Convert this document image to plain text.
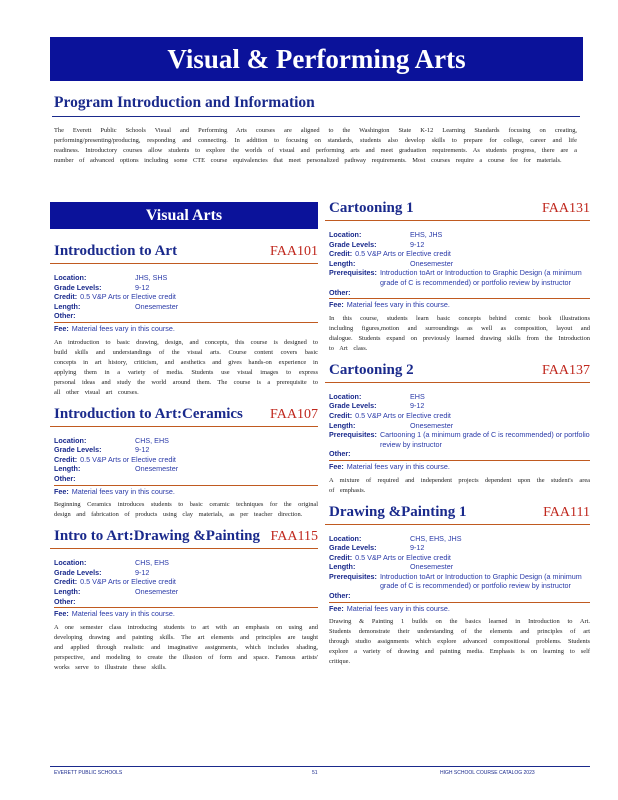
Visual & Performing Arts
Program Introduction and Information
The Everett Public Schools Visual and Performing Arts courses are aligned to the Washington State K-12 Learning Standards focusing on creating, performing/presenting/producing, responding and connecting. In addition to focusing on standards, students also develop skills to prepare for college, career and life readiness. Introductory courses allow students to explore the worlds of visual and performing arts and meet graduation requirements. As students progress, there are a number of advanced options including some CTE course equivalencies that meet personalized pathway requirements. Most courses require a course fee for materials.
Visual Arts
Introduction to Art	FAA101
Location:	JHS, SHS
Grade Levels:	9-12
Credit: 0.5 V&P Arts or Elective credit
Length:	Onesemester
Other:
Fee: Material fees vary in this course.
An introduction to basic drawing, design, and concepts, this course is designed to build skills and understandings of the visual arts. Course content covers basic concepts in art history, criticism, and aesthetics and gives hands-on experience in applying them in a variety of media. Students use visual images to express personal ideas and study the world around them. The course is a prerequisite to all other visual art courses.
Introduction to Art:Ceramics FAA107
Location:	CHS, EHS
Grade Levels:	9-12
Credit: 0.5 V&P Arts or Elective credit
Length:	Onesemester
Other:
Fee: Material fees vary in this course.
Beginning Ceramics introduces students to basic ceramic techniques for the original design and fabrication of products using clay materials, as per teacher direction.
Intro to Art:Drawing &Painting FAA115
Location:	CHS, EHS
Grade Levels:	9-12
Credit: 0.5 V&P Arts or Elective credit
Length:	Onesemester
Other:
Fee: Material fees vary in this course.
A one semester class introducing students to art with an emphasis on using and developing drawing and painting skills. The art elements and principles are taught and applied through realistic and imaginative assignments, which includes shading, perspective, and modeling to create the illusion of form and space. Famous artists' works serve to illustrate these skills.
Cartooning 1	FAA131
Location:	EHS, JHS
Grade Levels:	9-12
Credit: 0.5 V&P Arts or Elective credit
Length:	Onesemester
Prerequisites: Introduction toArt or Introduction to Graphic Design (a minimum grade of C is recommended) or portfolio review by instructor
Other:
Fee: Material fees vary in this course.
In this course, students learn basic concepts behind comic book illustrations including figures,motion and surroundings as well as composition, layout and dialogue. Students expand on previously learned drawing skills from the Introduction to Art class.
Cartooning 2	FAA137
Location:	EHS
Grade Levels:	9-12
Credit: 0.5 V&P Arts or Elective credit
Length:	Onesemester
Prerequisites: Cartooning 1 (a minimum grade of C is recommended) or portfolio review by instructor
Other:
Fee: Material fees vary in this course.
A mixture of required and independent projects dependent upon the student's area of emphasis.
Drawing &Painting 1	FAA111
Location:	CHS, EHS, JHS
Grade Levels:	9-12
Credit: 0.5 V&P Arts or Elective credit
Length:	Onesemester
Prerequisites: Introduction toArt or Introduction to Graphic Design (a minimum grade of C is recommended) or portfolio review by instructor
Other:
Fee: Material fees vary in this course.
Drawing & Painting 1 builds on the basics learned in Introduction to Art. Students demonstrate their understanding of the elements and principles of art through studio assignments which explore advanced compositional problems. Students explore a variety of drawing and painting media. Emphasis is on learning to self critique.
EVERETT PUBLIC SCHOOLS	51	HIGH SCHOOL COURSE CATALOG 2023
